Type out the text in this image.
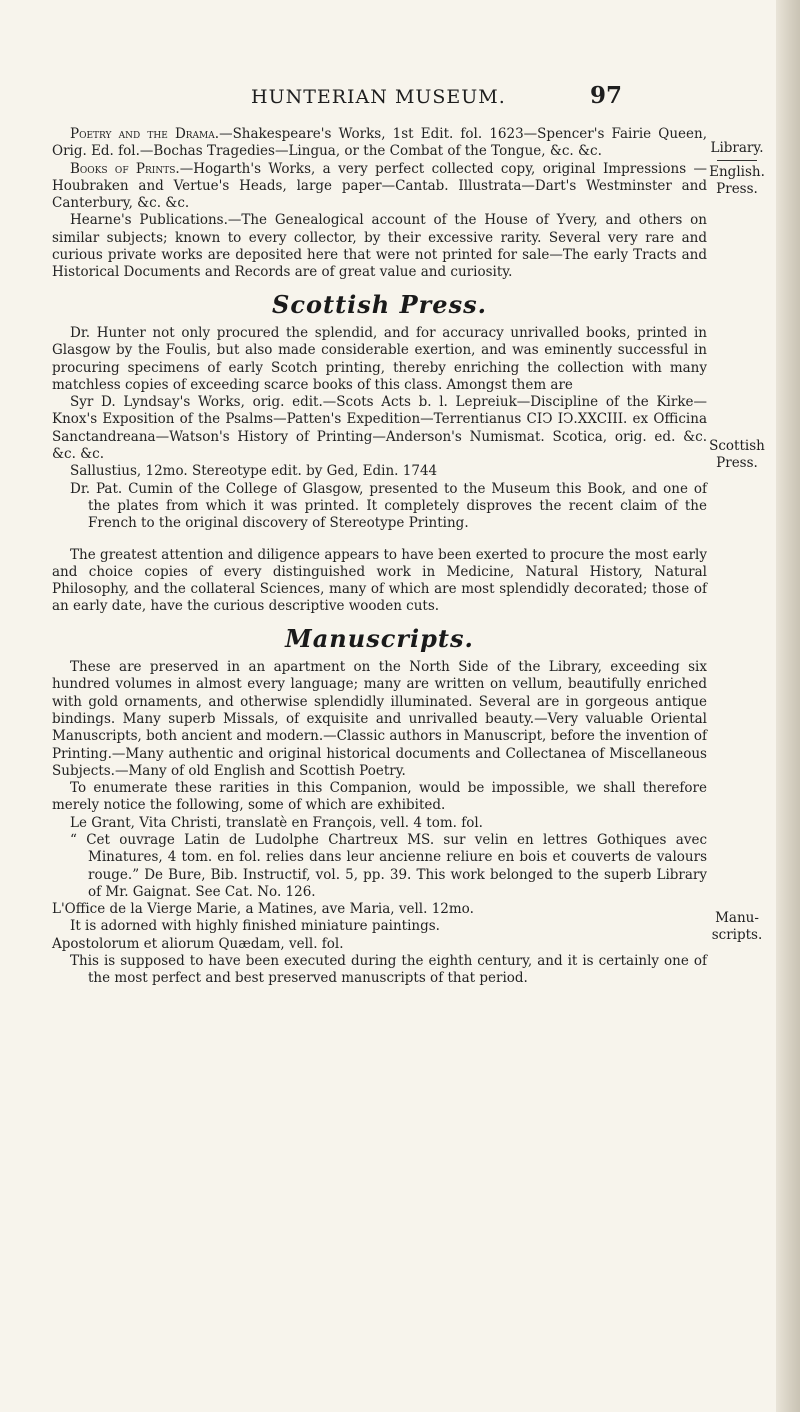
HUNTERIAN MUSEUM.	97
Library.
English.
Press.
Scottish
Press.
Manu-
scripts.

Poetry and the Drama.—Shakespeare's Works, 1st Edit. fol. 1623—Spencer's Fairie Queen, Orig. Ed. fol.—Bochas Tragedies—Lingua, or the Combat of the Tongue, &c. &c.

Books of Prints.—Hogarth's Works, a very perfect collected copy, original Impressions —Houbraken and Vertue's Heads, large paper—Cantab. Illustrata—Dart's Westminster and Canterbury, &c. &c.

Hearne's Publications.—The Genealogical account of the House of Yvery, and others on similar subjects; known to every collector, by their excessive rarity. Several very rare and curious private works are deposited here that were not printed for sale—The early Tracts and Historical Documents and Records are of great value and curiosity.

Scottish Press.

Dr. Hunter not only procured the splendid, and for accuracy unrivalled books, printed in Glasgow by the Foulis, but also made considerable exertion, and was eminently successful in procuring specimens of early Scotch printing, thereby enriching the collection with many matchless copies of exceeding scarce books of this class. Amongst them are

Syr D. Lyndsay's Works, orig. edit.—Scots Acts b. l. Lepreiuk—Discipline of the Kirke—Knox's Exposition of the Psalms—Patten's Expedition—Terrentianus CIↃ IↃ.XXCIII. ex Officina Sanctandreana—Watson's History of Printing—Anderson's Numismat. Scotica, orig. ed. &c. &c. &c.

Sallustius, 12mo. Stereotype edit. by Ged, Edin. 1744

Dr. Pat. Cumin of the College of Glasgow, presented to the Museum this Book, and one of the plates from which it was printed. It completely disproves the recent claim of the French to the original discovery of Stereotype Printing.

The greatest attention and diligence appears to have been exerted to procure the most early and choice copies of every distinguished work in Medicine, Natural History, Natural Philosophy, and the collateral Sciences, many of which are most splendidly decorated; those of an early date, have the curious descriptive wooden cuts.

Manuscripts.

These are preserved in an apartment on the North Side of the Library, exceeding six hundred volumes in almost every language; many are written on vellum, beautifully enriched with gold ornaments, and otherwise splendidly illuminated. Several are in gorgeous antique bindings. Many superb Missals, of exquisite and unrivalled beauty.—Very valuable Oriental Manuscripts, both ancient and modern.—Classic authors in Manuscript, before the invention of Printing.—Many authentic and original historical documents and Collectanea of Miscellaneous Subjects.—Many of old English and Scottish Poetry.

To enumerate these rarities in this Companion, would be impossible, we shall therefore merely notice the following, some of which are exhibited.

Le Grant, Vita Christi, translatè en François, vell. 4 tom. fol.

“ Cet ouvrage Latin de Ludolphe Chartreux MS. sur velin en lettres Gothiques avec Minatures, 4 tom. en fol. relies dans leur ancienne reliure en bois et couverts de valours rouge.” De Bure, Bib. Instructif, vol. 5, pp. 39. This work belonged to the superb Library of Mr. Gaignat. See Cat. No. 126.

L'Office de la Vierge Marie, a Matines, ave Maria, vell. 12mo.

It is adorned with highly finished miniature paintings.

Apostolorum et aliorum Quædam, vell. fol.

This is supposed to have been executed during the eighth century, and it is certainly one of the most perfect and best preserved manuscripts of that period.
